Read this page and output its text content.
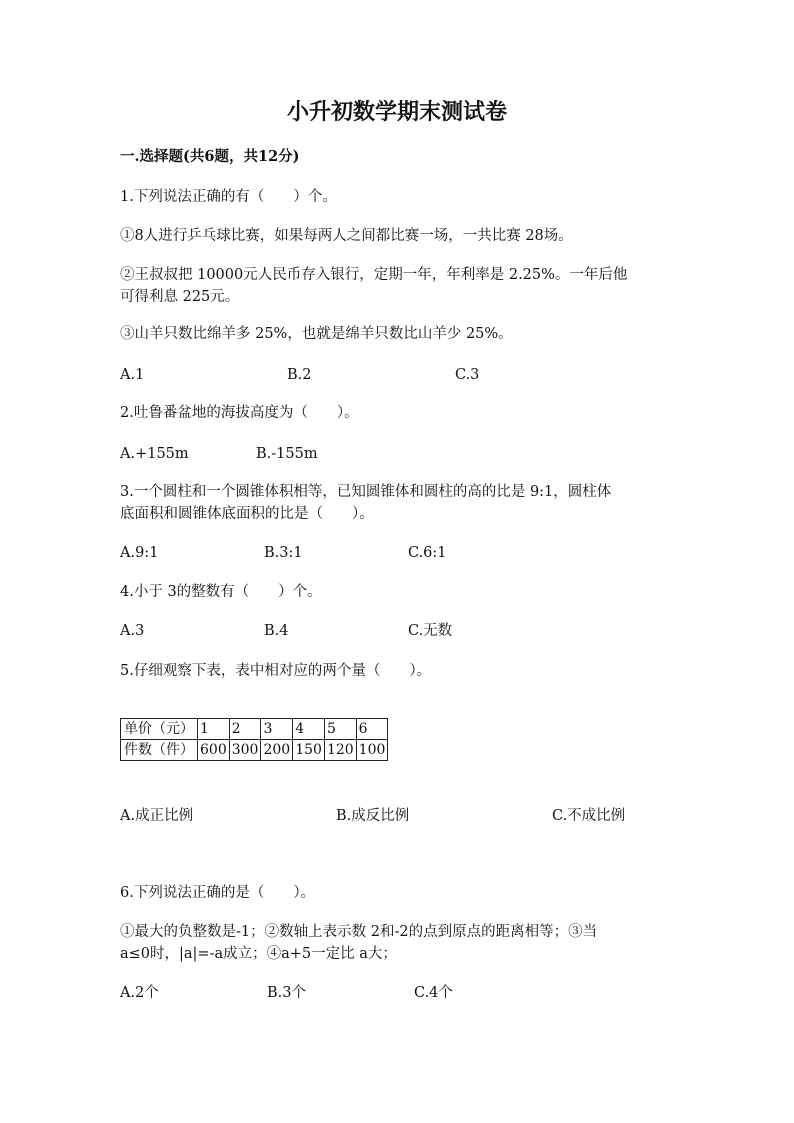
小升初数学期末测试卷
一.选择题(共6题，共12分)
1.下列说法正确的有（　　）个。
①8人进行乒乓球比赛，如果每两人之间都比赛一场，一共比赛 28场。
②王叔叔把 10000元人民币存入银行，定期一年，年利率是 2.25%。一年后他
可得利息 225元。
③山羊只数比绵羊多 25%，也就是绵羊只数比山羊少 25%。
A.1	B.2	C.3
2.吐鲁番盆地的海拔高度为（　　）。
A.+155m	B.-155m
3.一个圆柱和一个圆锥体积相等，已知圆锥体和圆柱的高的比是 9:1，圆柱体
底面积和圆锥体底面积的比是（　　）。
A.9:1	B.3:1	C.6:1
4.小于 3的整数有（　　）个。
A.3	B.4	C.无数
5.仔细观察下表，表中相对应的两个量（　　）。
单价（元）	1	2	3	4	5	6
件数（件）	600	300	200	150	120	100
A.成正比例	B.成反比例	C.不成比例
6.下列说法正确的是（　　）。
①最大的负整数是-1；②数轴上表示数 2和-2的点到原点的距离相等；③当
a≤0时，|a|=-a成立；④a+5一定比 a大；
A.2个	B.3个	C.4个
